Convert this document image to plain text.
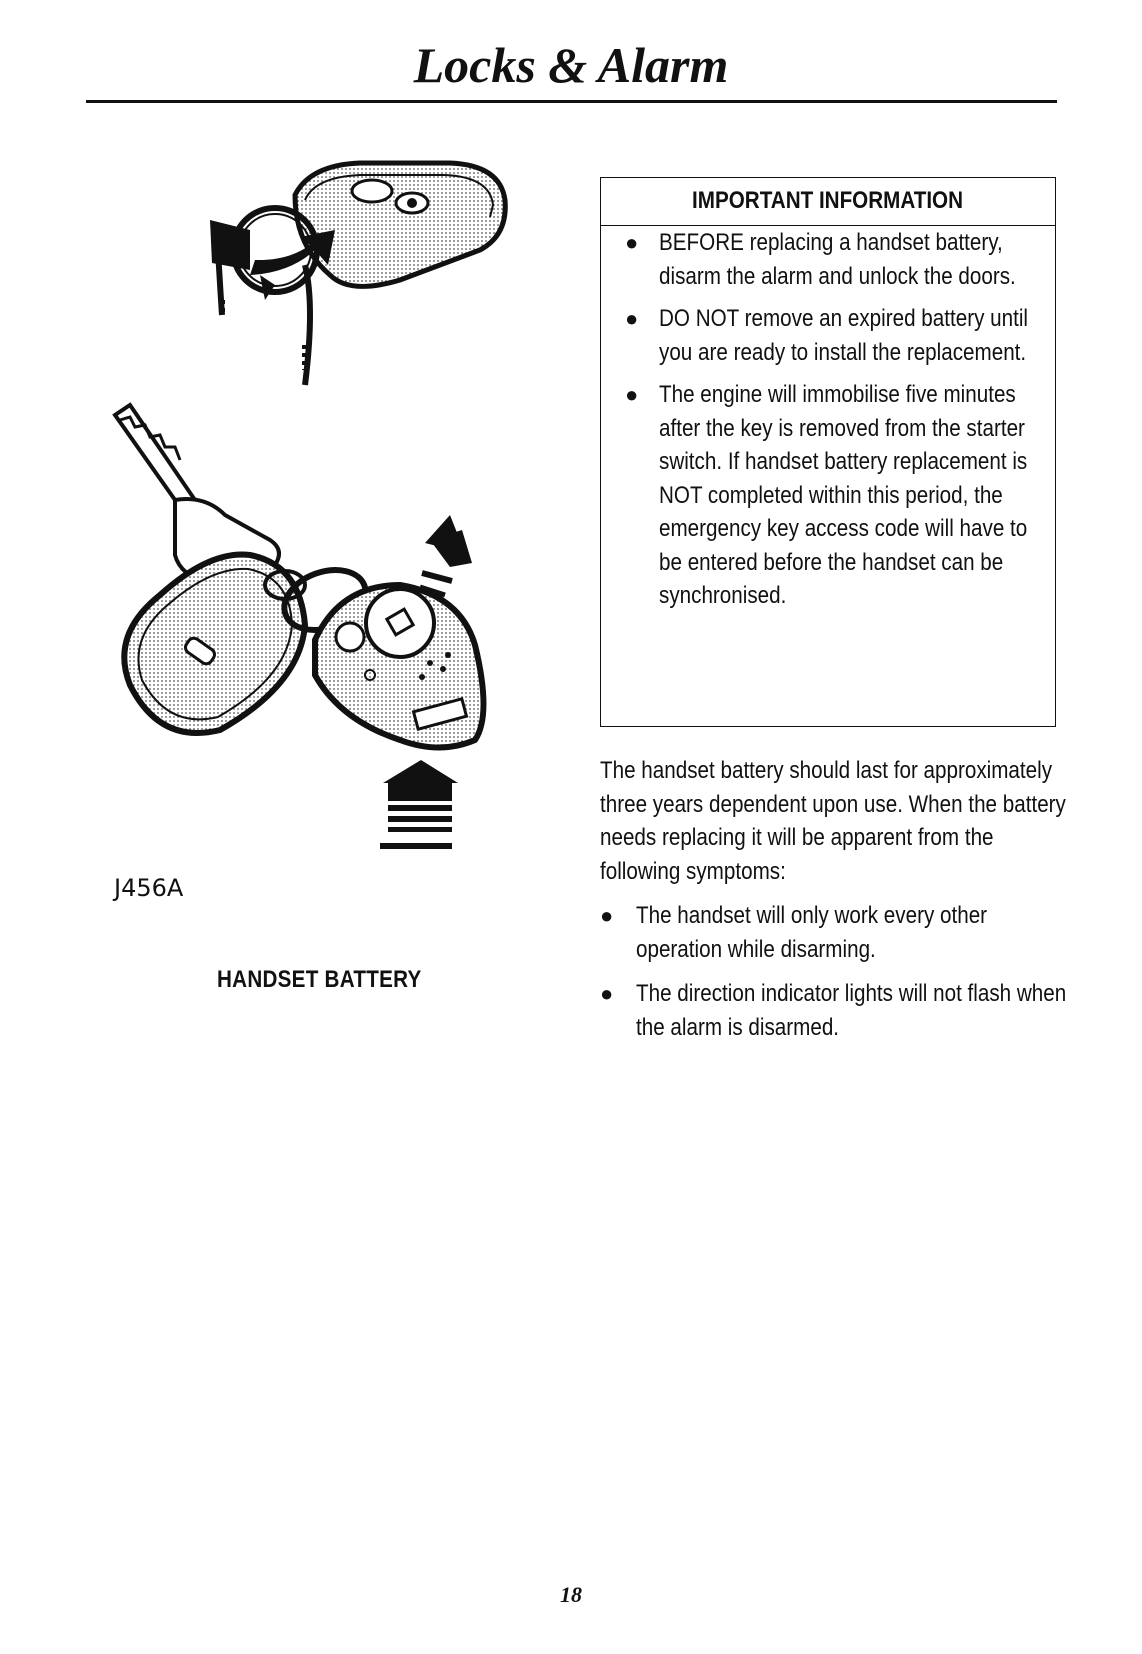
Locks & Alarm
J456A
HANDSET BATTERY
IMPORTANT INFORMATION
● BEFORE replacing a handset battery, disarm the alarm and unlock the doors.
● DO NOT remove an expired battery until you are ready to install the replacement.
● The engine will immobilise five minutes after the key is removed from the starter switch. If handset battery replacement is NOT completed within this period, the emergency key access code will have to be entered before the handset can be synchronised.
The handset battery should last for approximately three years dependent upon use. When the battery needs replacing it will be apparent from the following symptoms:
● The handset will only work every other operation while disarming.
● The direction indicator lights will not flash when the alarm is disarmed.
18
